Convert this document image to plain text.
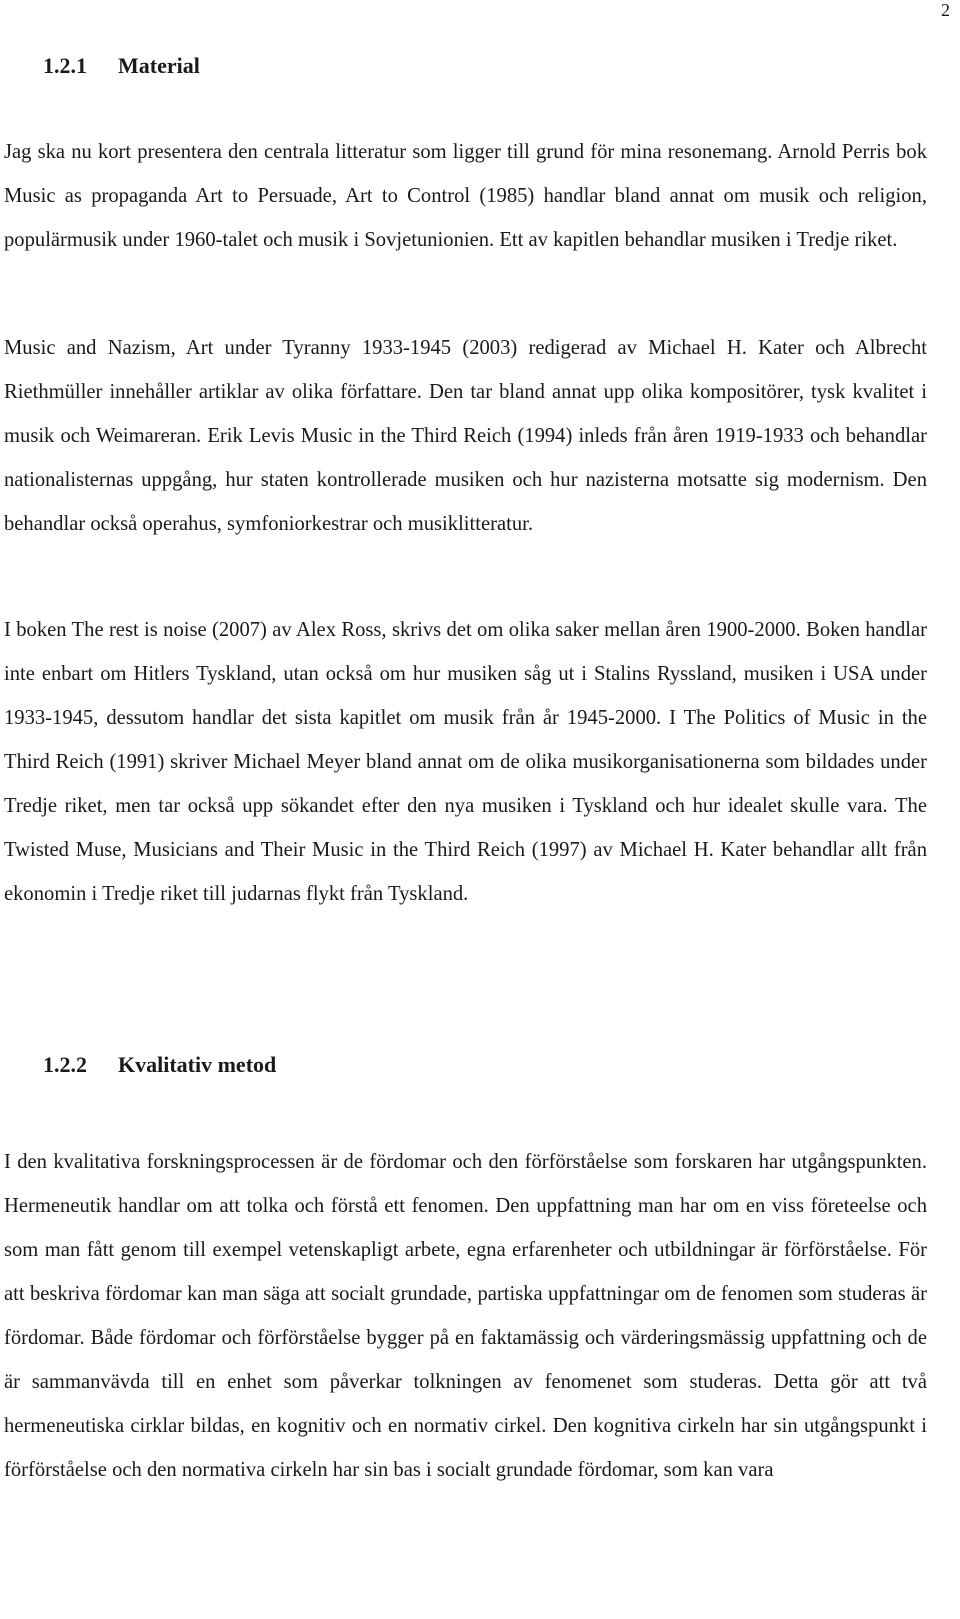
2
1.2.1 Material

Jag ska nu kort presentera den centrala litteratur som ligger till grund för mina resonemang. Arnold Perris bok Music as propaganda Art to Persuade, Art to Control (1985) handlar bland annat om musik och religion, populärmusik under 1960-talet och musik i Sovjetunionien. Ett av kapitlen behandlar musiken i Tredje riket.

Music and Nazism, Art under Tyranny 1933-1945 (2003) redigerad av Michael H. Kater och Albrecht Riethmüller innehåller artiklar av olika författare. Den tar bland annat upp olika kompositörer, tysk kvalitet i musik och Weimareran. Erik Levis Music in the Third Reich (1994) inleds från åren 1919-1933 och behandlar nationalisternas uppgång, hur staten kontrollerade musiken och hur nazisterna motsatte sig modernism. Den behandlar också operahus, symfoniorkestrar och musiklitteratur.

I boken The rest is noise (2007) av Alex Ross, skrivs det om olika saker mellan åren 1900-2000. Boken handlar inte enbart om Hitlers Tyskland, utan också om hur musiken såg ut i Stalins Ryssland, musiken i USA under 1933-1945, dessutom handlar det sista kapitlet om musik från år 1945-2000. I The Politics of Music in the Third Reich (1991) skriver Michael Meyer bland annat om de olika musikorganisationerna som bildades under Tredje riket, men tar också upp sökandet efter den nya musiken i Tyskland och hur idealet skulle vara. The Twisted Muse, Musicians and Their Music in the Third Reich (1997) av Michael H. Kater behandlar allt från ekonomin i Tredje riket till judarnas flykt från Tyskland.

1.2.2 Kvalitativ metod

I den kvalitativa forskningsprocessen är de fördomar och den förförståelse som forskaren har utgångspunkten. Hermeneutik handlar om att tolka och förstå ett fenomen. Den uppfattning man har om en viss företeelse och som man fått genom till exempel vetenskapligt arbete, egna erfarenheter och utbildningar är förförståelse. För att beskriva fördomar kan man säga att socialt grundade, partiska uppfattningar om de fenomen som studeras är fördomar. Både fördomar och förförståelse bygger på en faktamässig och värderingsmässig uppfattning och de är sammanvävda till en enhet som påverkar tolkningen av fenomenet som studeras. Detta gör att två hermeneutiska cirklar bildas, en kognitiv och en normativ cirkel. Den kognitiva cirkeln har sin utgångspunkt i förförståelse och den normativa cirkeln har sin bas i socialt grundade fördomar, som kan vara
